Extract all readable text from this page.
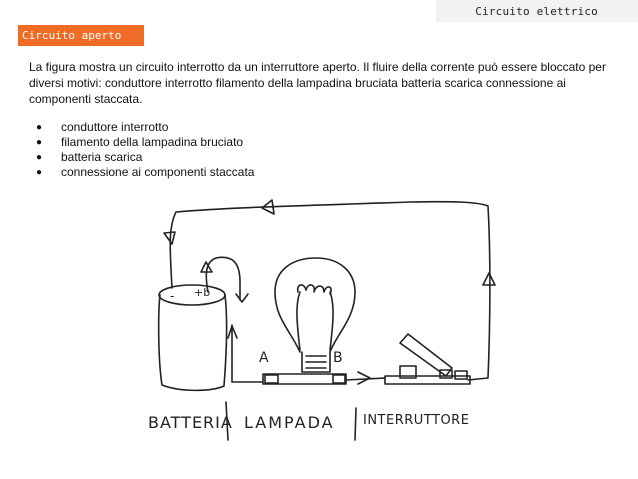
Circuito elettrico
Circuito aperto
La figura mostra un circuito interrotto da un interruttore aperto. Il fluire della corrente può essere bloccato per diversi motivi: conduttore interrotto filamento della lampadina bruciata batteria scarica connessione ai componenti staccata.
● conduttore interrotto
● filamento della lampadina bruciato
● batteria scarica
● connessione ai componenti staccata
- +b
A	B
BATTERIA LAMPADA INTERRUTTORE
